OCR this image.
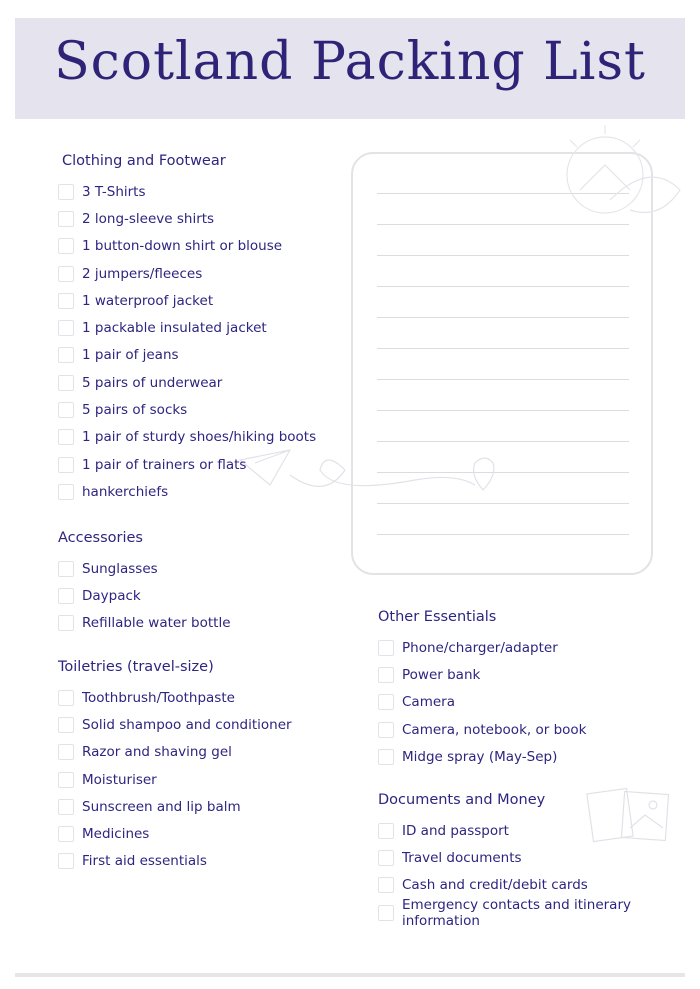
Scotland Packing List
Clothing and Footwear
3 T-Shirts
2 long-sleeve shirts
1 button-down shirt or blouse
2 jumpers/fleeces
1 waterproof jacket
1 packable insulated jacket
1 pair of jeans
5 pairs of underwear
5 pairs of socks
1 pair of sturdy shoes/hiking boots
1 pair of trainers or flats
hankerchiefs
Accessories
Sunglasses
Daypack
Refillable water bottle
Toiletries (travel-size)
Toothbrush/Toothpaste
Solid shampoo and conditioner
Razor and shaving gel
Moisturiser
Sunscreen and lip balm
Medicines
First aid essentials
Other Essentials
Phone/charger/adapter
Power bank
Camera
Camera, notebook, or book
Midge spray (May-Sep)
Documents and Money
ID and passport
Travel documents
Cash and credit/debit cards
Emergency contacts and itinerary information
